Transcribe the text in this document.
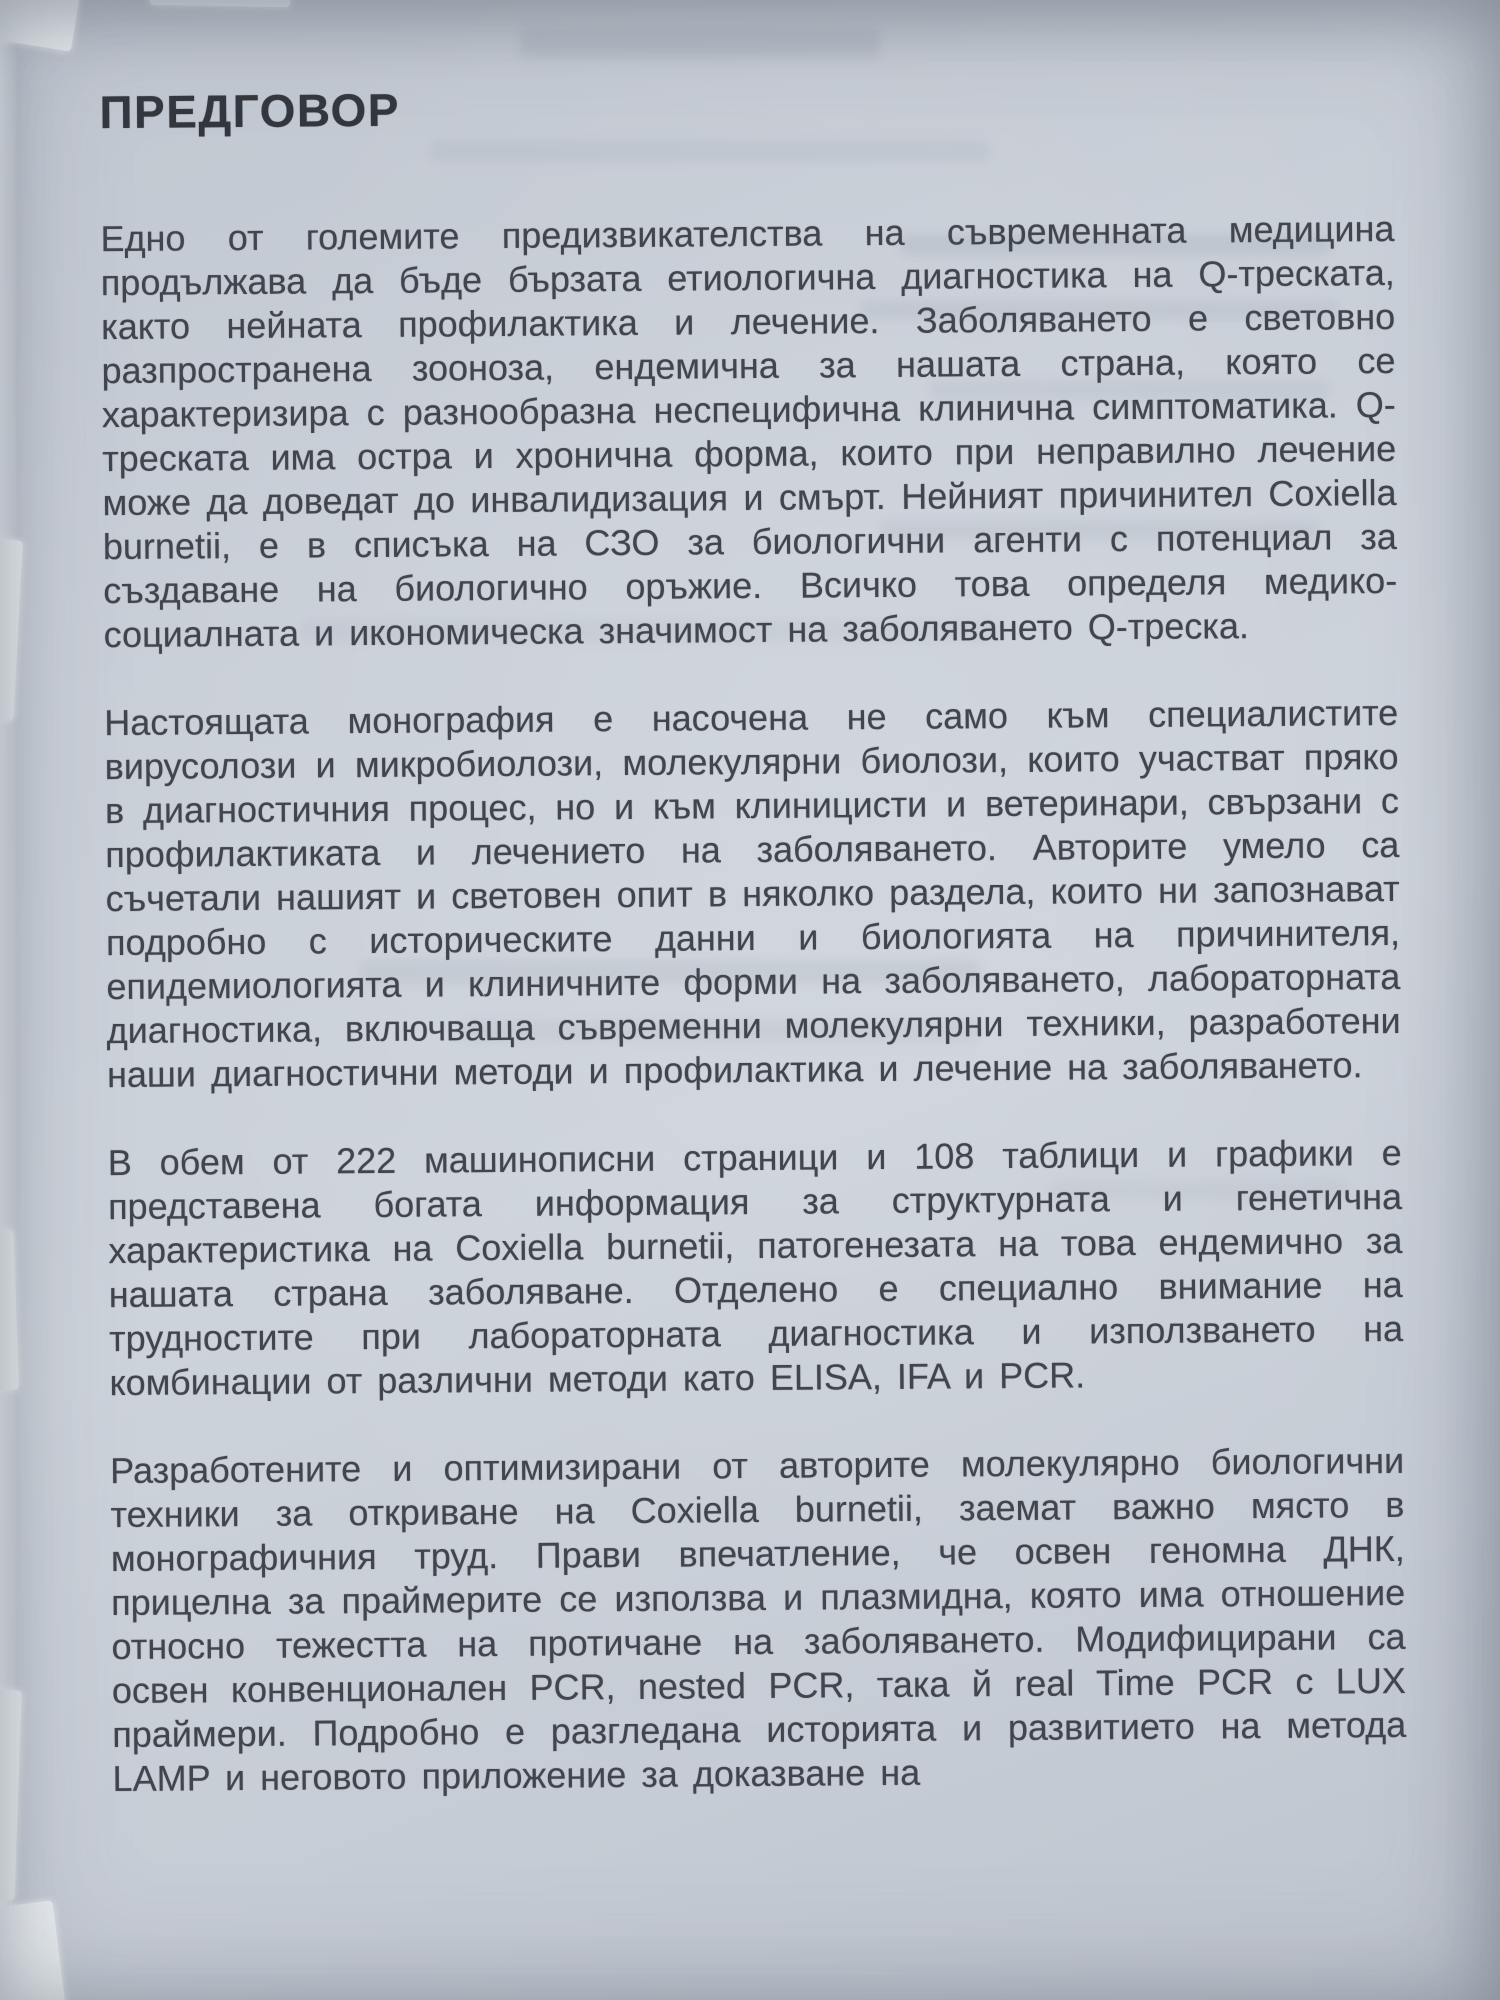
ПРЕДГОВОР

Едно от големите предизвикателства на съвременната медицина продължава да бъде бързата етиологична диагностика на Q-треската, както нейната профилактика и лечение. Заболяването е световно разпространена зооноза, ендемична за нашата страна, която се характеризира с разнообразна неспецифична клинична симптоматика. Q-треската има остра и хронична форма, които при неправилно лечение може да доведат до инвалидизация и смърт. Нейният причинител Coxiella burnetii, е в списъка на СЗО за биологични агенти с потенциал за създаване на биологично оръжие. Всичко това определя медико-социалната и икономическа значимост на заболяването Q-треска.

Настоящата монография е насочена не само към специалистите вирусолози и микробиолози, молекулярни биолози, които участват пряко в диагностичния процес, но и към клиницисти и ветеринари, свързани с профилактиката и лечението на заболяването. Авторите умело са съчетали нашият и световен опит в няколко раздела, които ни запознават подробно с историческите данни и биологията на причинителя, епидемиологията и клиничните форми на заболяването, лабораторната диагностика, включваща съвременни молекулярни техники, разработени наши диагностични методи и профилактика и лечение на заболяването.

В обем от 222 машинописни страници и 108 таблици и графики е представена богата информация за структурната и генетична характеристика на Coxiella burnetii, патогенезата на това ендемично за нашата страна заболяване. Отделено е специално внимание на трудностите при лабораторната диагностика и използването на комбинации от различни методи като ELISA, IFA и PCR.

Разработените и оптимизирани от авторите молекулярно биологични техники за откриване на Coxiella burnetii, заемат важно място в монографичния труд. Прави впечатление, че освен геномна ДНК, прицелна за праймерите се използва и плазмидна, която има отношение относно тежестта на протичане на заболяването. Модифицирани са освен конвенционален PCR, nested PCR, така й real Time PCR с LUX праймери. Подробно е разгледана историята и развитието на метода LAMP и неговото приложение за доказване на
